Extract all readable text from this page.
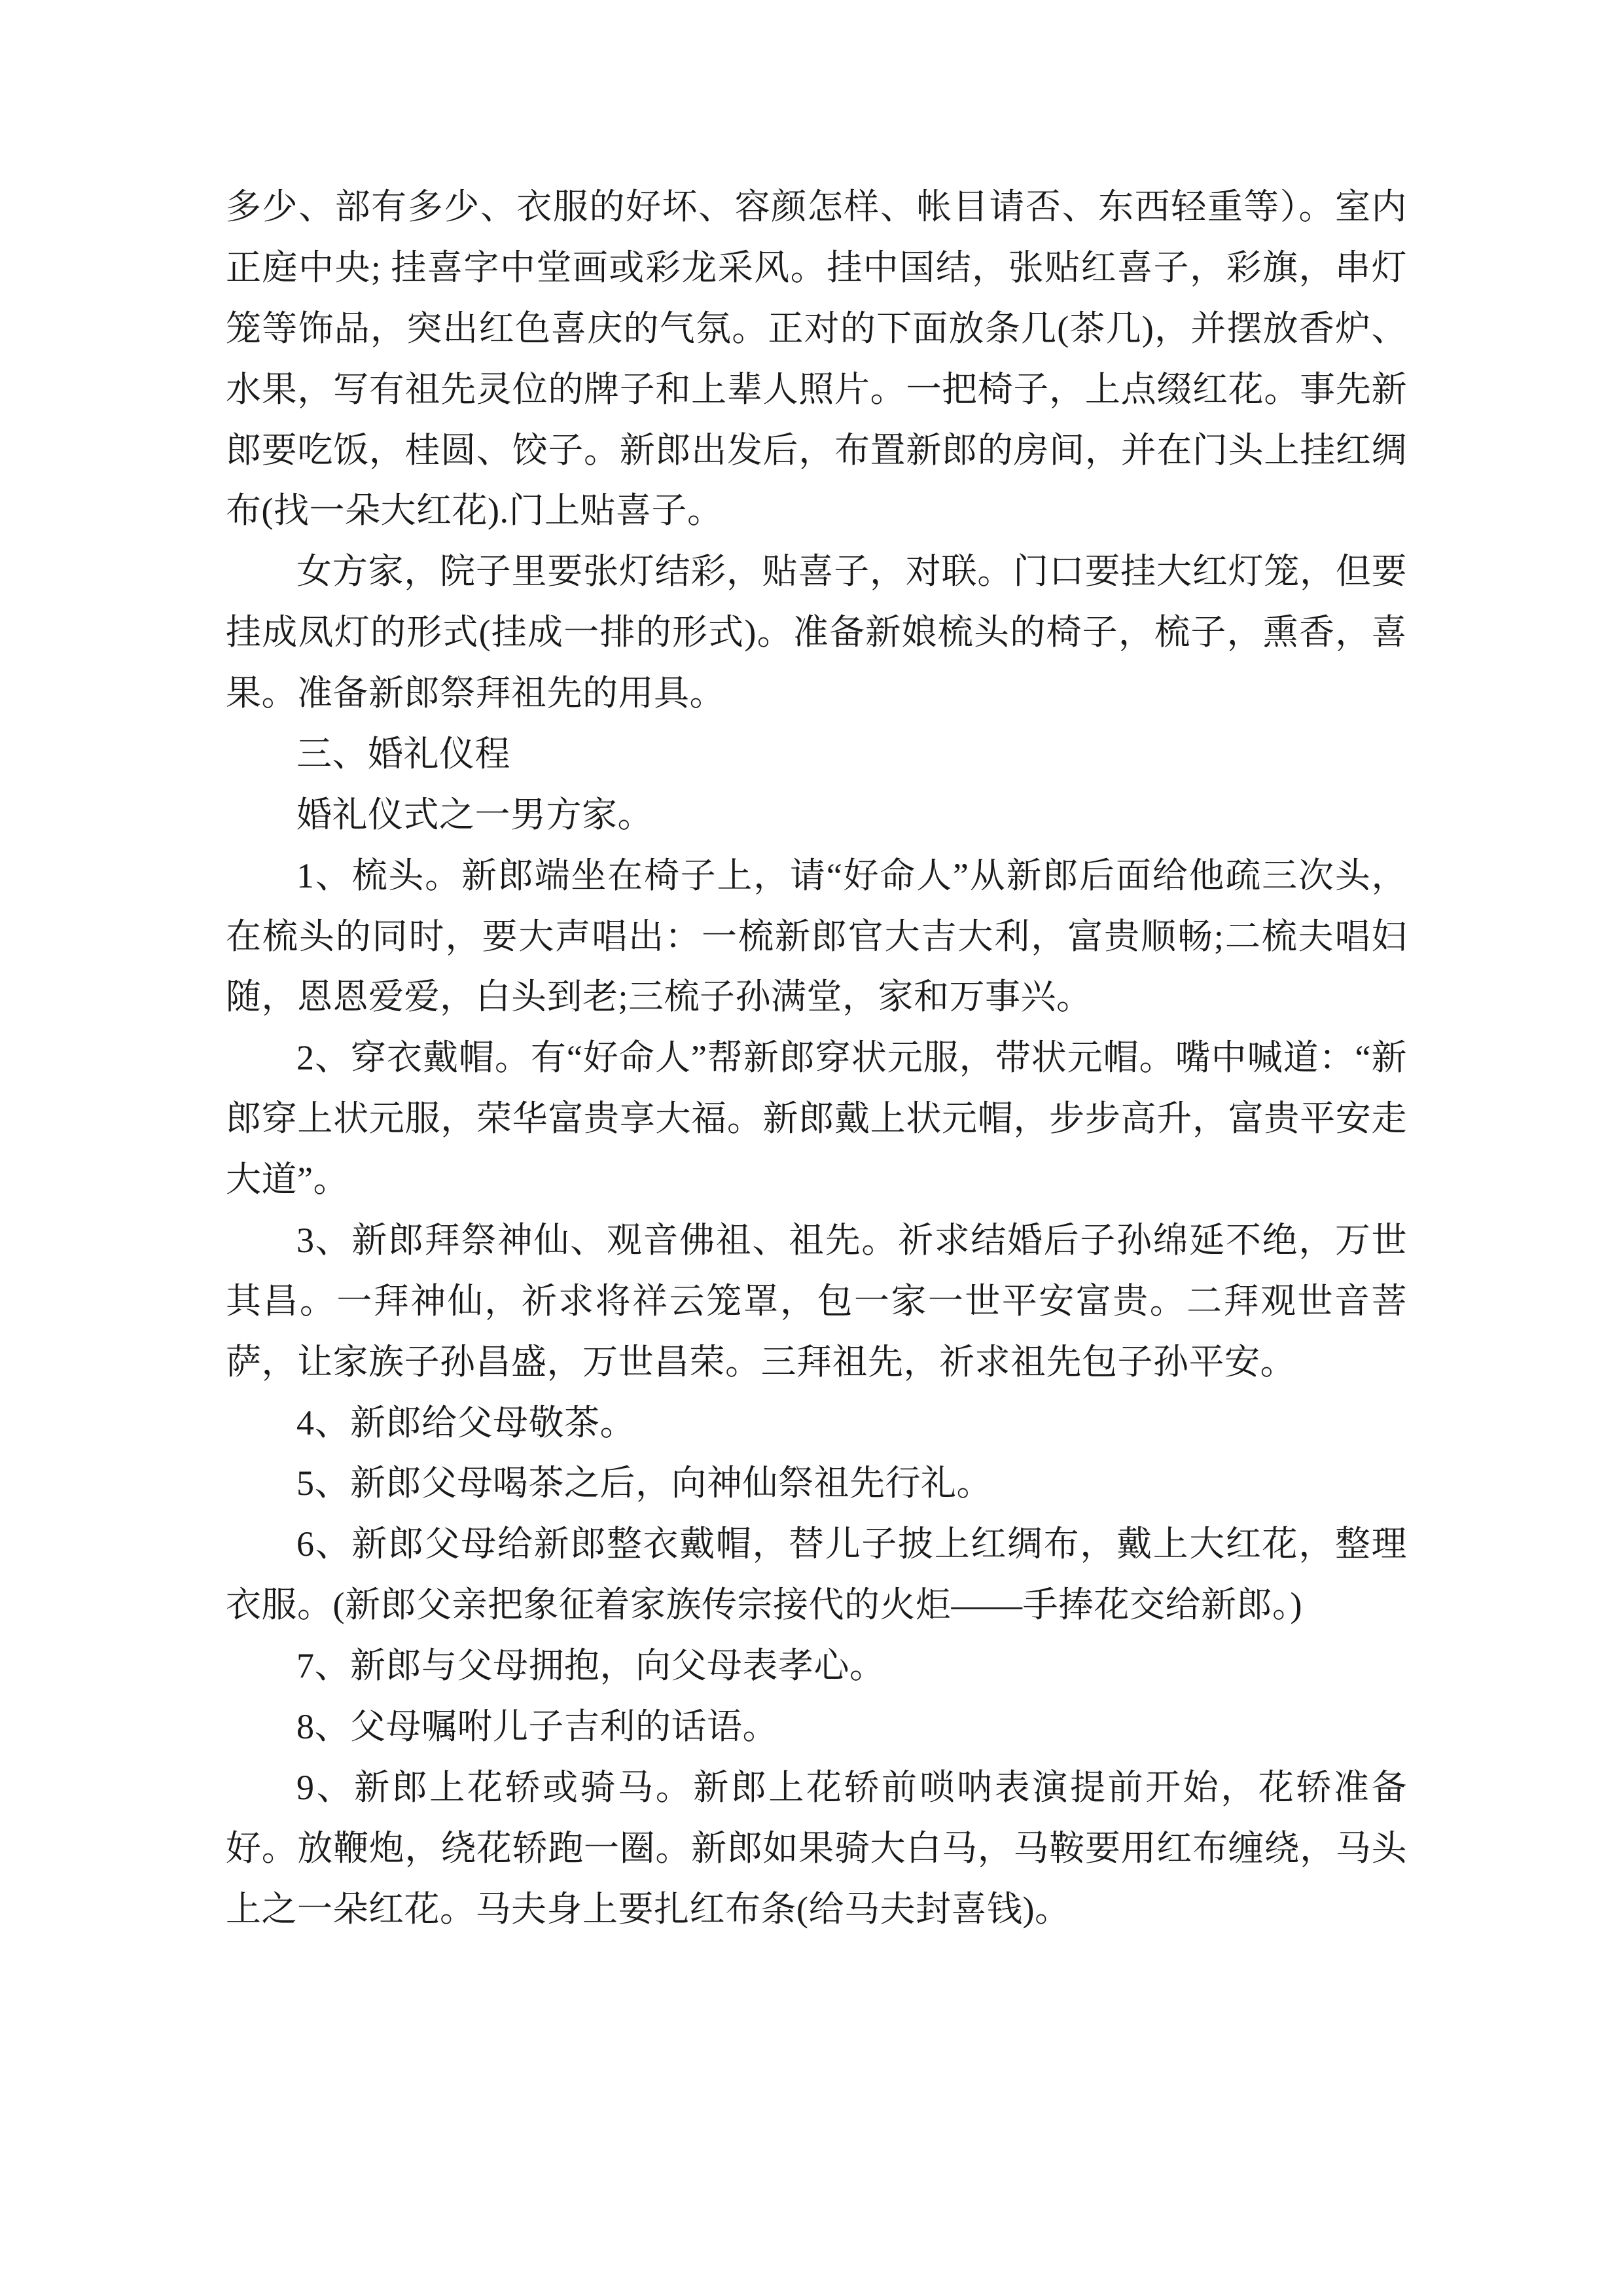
多少、部有多少、衣服的好坏、容颜怎样、帐目请否、东西轻重等）。室内正庭中央; 挂喜字中堂画或彩龙采风。挂中国结，张贴红喜子，彩旗，串灯笼等饰品，突出红色喜庆的气氛。正对的下面放条几(茶几)，并摆放香炉、水果，写有祖先灵位的牌子和上辈人照片。一把椅子，上点缀红花。事先新郎要吃饭，桂圆、饺子。新郎出发后，布置新郎的房间，并在门头上挂红绸布(找一朵大红花).门上贴喜子。

女方家，院子里要张灯结彩，贴喜子，对联。门口要挂大红灯笼，但要挂成凤灯的形式(挂成一排的形式)。准备新娘梳头的椅子，梳子，熏香，喜果。准备新郎祭拜祖先的用具。

三、婚礼仪程

婚礼仪式之一男方家。

1、梳头。新郎端坐在椅子上，请“好命人”从新郎后面给他疏三次头，在梳头的同时，要大声唱出：一梳新郎官大吉大利，富贵顺畅;二梳夫唱妇随，恩恩爱爱，白头到老;三梳子孙满堂，家和万事兴。

2、穿衣戴帽。有“好命人”帮新郎穿状元服，带状元帽。嘴中喊道：“新郎穿上状元服，荣华富贵享大福。新郎戴上状元帽，步步高升，富贵平安走大道”。

3、新郎拜祭神仙、观音佛祖、祖先。祈求结婚后子孙绵延不绝，万世其昌。一拜神仙，祈求将祥云笼罩，包一家一世平安富贵。二拜观世音菩萨，让家族子孙昌盛，万世昌荣。三拜祖先，祈求祖先包子孙平安。

4、新郎给父母敬茶。

5、新郎父母喝茶之后，向神仙祭祖先行礼。

6、新郎父母给新郎整衣戴帽，替儿子披上红绸布，戴上大红花，整理衣服。(新郎父亲把象征着家族传宗接代的火炬——手捧花交给新郎。)

7、新郎与父母拥抱，向父母表孝心。

8、父母嘱咐儿子吉利的话语。

9、新郎上花轿或骑马。新郎上花轿前唢呐表演提前开始，花轿准备好。放鞭炮，绕花轿跑一圈。新郎如果骑大白马，马鞍要用红布缠绕，马头上之一朵红花。马夫身上要扎红布条(给马夫封喜钱)。
